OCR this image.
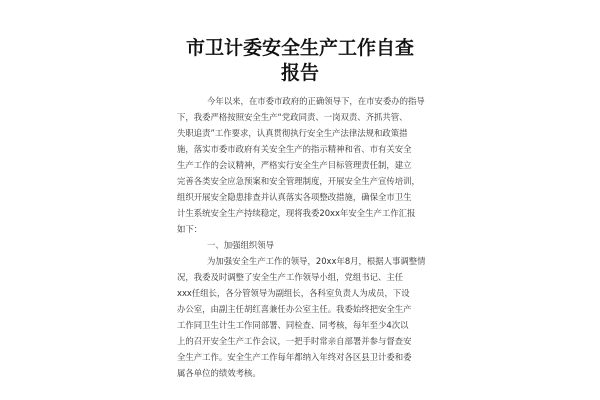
市卫计委安全生产工作自查
报告
今年以来，在市委市政府的正确领导下，在市安委办的指导
下，我委严格按照安全生产“党政同责、一岗双责、齐抓共管、
失职追责”工作要求，认真贯彻执行安全生产法律法规和政策措
施，落实市委市政府有关安全生产的指示精神和省、市有关安全
生产工作的会议精神，严格实行安全生产目标管理责任制，建立
完善各类安全应急预案和安全管理制度，开展安全生产宣传培训，
组织开展安全隐患排查并认真落实各项整改措施，确保全市卫生
计生系统安全生产持续稳定，现将我委20xx年安全生产工作汇报
如下：
一、加强组织领导
为加强安全生产工作的领导，20xx年8月，根据人事调整情
况，我委及时调整了安全生产工作领导小组，党组书记、主任
xxx任组长，各分管领导为副组长，各科室负责人为成员，下设
办公室，由副主任胡红喜兼任办公室主任。我委始终把安全生产
工作同卫生计生工作同部署、同检查、同考核，每年至少4次以
上的召开安全生产工作会议，一把手时常亲自部署并参与督查安
全生产工作。安全生产工作每年都纳入年终对各区县卫计委和委
属各单位的绩效考核。
